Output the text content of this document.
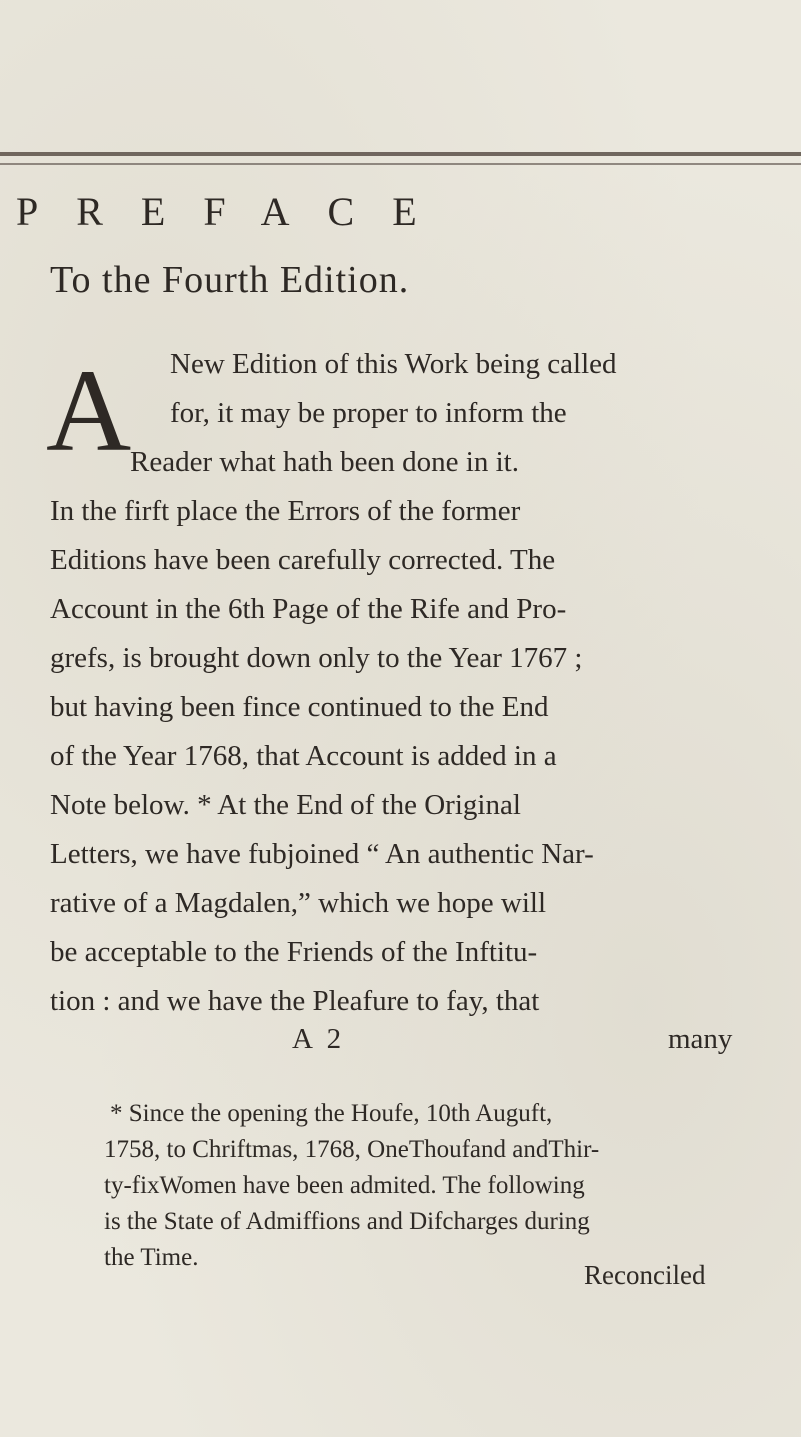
PREFACE
To the Fourth Edition.
A	New Edition of this Work being called
for, it may be proper to inform the
Reader what hath been done in it.
In the firft place the Errors of the former
Editions have been carefully corrected. The
Account in the 6th Page of the Rife and Pro-
grefs, is brought down only to the Year 1767 ;
but having been fince continued to the End
of the Year 1768, that Account is added in a
Note below. * At the End of the Original
Letters, we have fubjoined “ An authentic Nar-
rative of a Magdalen,” which we hope will
be acceptable to the Friends of the Inftitu-
tion : and we have the Pleafure to fay, that
A 2	many
* Since the opening the Houfe, 10th Auguft,
1758, to Chriftmas, 1768, OneThoufand andThir-
ty-fixWomen have been admited. The following
is the State of Admiffions and Difcharges during
the Time.
Reconciled
